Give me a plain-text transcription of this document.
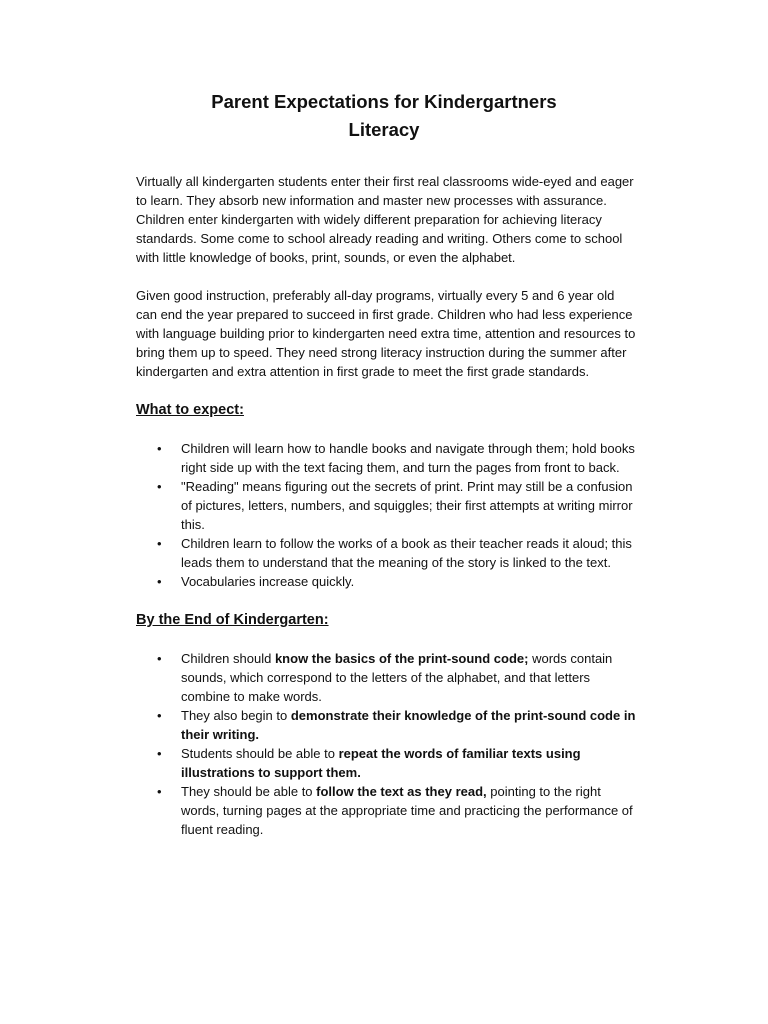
Parent Expectations for Kindergartners
Literacy

Virtually all kindergarten students enter their first real classrooms wide-eyed and eager to learn. They absorb new information and master new processes with assurance. Children enter kindergarten with widely different preparation for achieving literacy standards. Some come to school already reading and writing. Others come to school with little knowledge of books, print, sounds, or even the alphabet.

Given good instruction, preferably all-day programs, virtually every 5 and 6 year old can end the year prepared to succeed in first grade. Children who had less experience with language building prior to kindergarten need extra time, attention and resources to bring them up to speed. They need strong literacy instruction during the summer after kindergarten and extra attention in first grade to meet the first grade standards.

What to expect:
• Children will learn how to handle books and navigate through them; hold books right side up with the text facing them, and turn the pages from front to back.
• "Reading" means figuring out the secrets of print. Print may still be a confusion of pictures, letters, numbers, and squiggles; their first attempts at writing mirror this.
• Children learn to follow the works of a book as their teacher reads it aloud; this leads them to understand that the meaning of the story is linked to the text.
• Vocabularies increase quickly.
By the End of Kindergarten:
• Children should know the basics of the print-sound code; words contain sounds, which correspond to the letters of the alphabet, and that letters combine to make words.
• They also begin to demonstrate their knowledge of the print-sound code in their writing.
• Students should be able to repeat the words of familiar texts using illustrations to support them.
• They should be able to follow the text as they read, pointing to the right words, turning pages at the appropriate time and practicing the performance of fluent reading.
